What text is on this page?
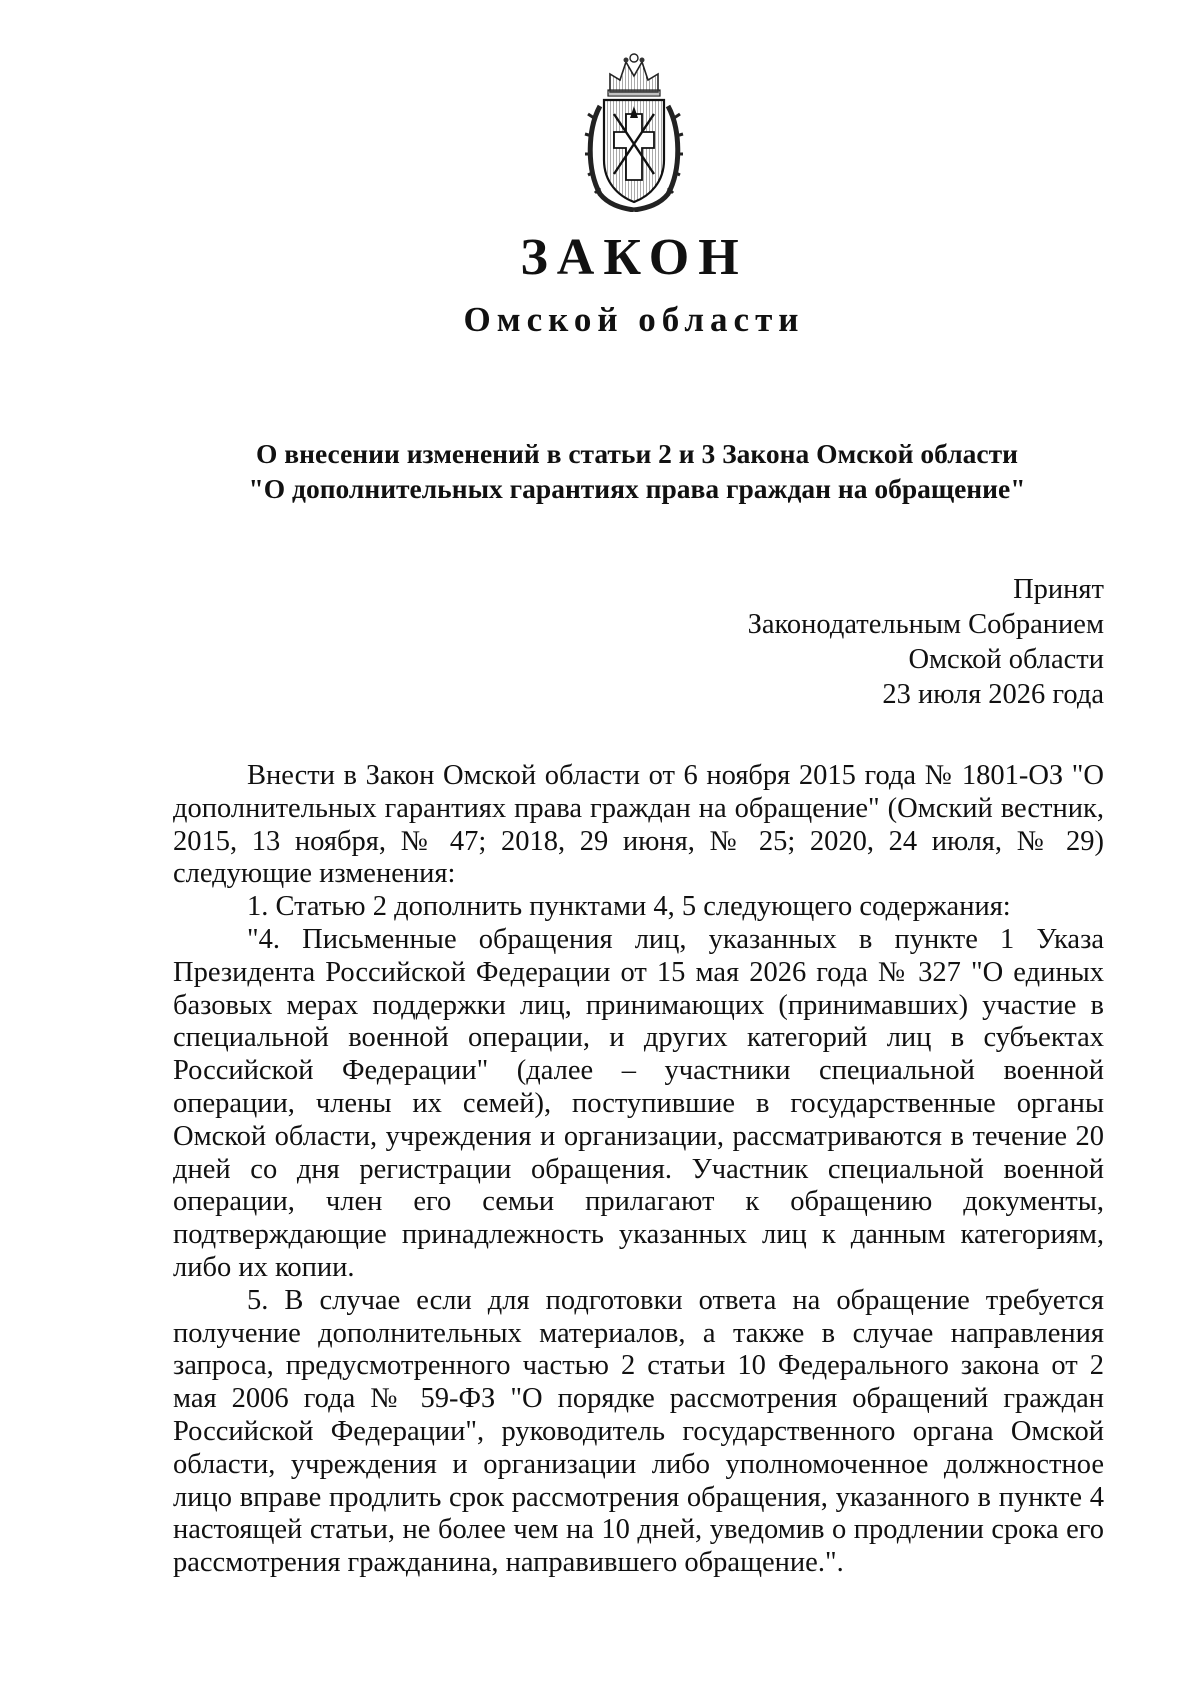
ЗАКОН
Омской области
О внесении изменений в статьи 2 и 3 Закона Омской области
"О дополнительных гарантиях права граждан на обращение"
Принят
Законодательным Собранием
Омской области
23 июля 2026 года

Внести в Закон Омской области от 6 ноября 2015 года № 1801-ОЗ "О дополнительных гарантиях права граждан на обращение" (Омский вестник, 2015, 13 ноября, № 47; 2018, 29 июня, № 25; 2020, 24 июля, № 29) следующие изменения:

1. Статью 2 дополнить пунктами 4, 5 следующего содержания:

"4. Письменные обращения лиц, указанных в пункте 1 Указа Президента Российской Федерации от 15 мая 2026 года № 327 "О единых базовых мерах поддержки лиц, принимающих (принимавших) участие в специальной военной операции, и других категорий лиц в субъектах Российской Федерации" (далее – участники специальной военной операции, члены их семей), поступившие в государственные органы Омской области, учреждения и организации, рассматриваются в течение 20 дней со дня регистрации обращения. Участник специальной военной операции, член его семьи прилагают к обращению документы, подтверждающие принадлежность указанных лиц к данным категориям, либо их копии.

5. В случае если для подготовки ответа на обращение требуется получение дополнительных материалов, а также в случае направления запроса, предусмотренного частью 2 статьи 10 Федерального закона от 2 мая 2006 года № 59-ФЗ "О порядке рассмотрения обращений граждан Российской Федерации", руководитель государственного органа Омской области, учреждения и организации либо уполномоченное должностное лицо вправе продлить срок рассмотрения обращения, указанного в пункте 4 настоящей статьи, не более чем на 10 дней, уведомив о продлении срока его рассмотрения гражданина, направившего обращение.".
